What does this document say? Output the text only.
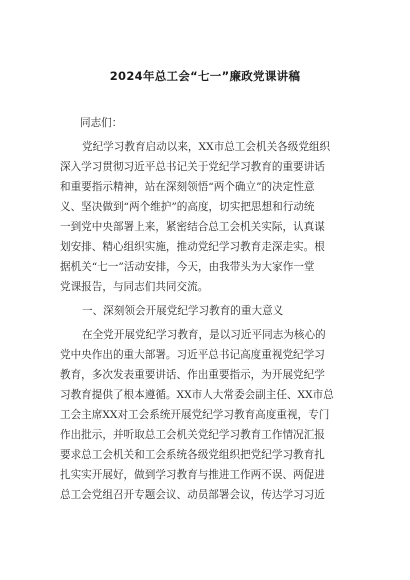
2024年总工会“七一”廉政党课讲稿
同志们：
党纪学习教育启动以来，XX市总工会机关各级党组织
深入学习贯彻习近平总书记关于党纪学习教育的重要讲话
和重要指示精神，站在深刻领悟“两个确立”的决定性意
义、坚决做到“两个维护”的高度，切实把思想和行动统
一到党中央部署上来，紧密结合总工会机关实际，认真谋
划安排、精心组织实施，推动党纪学习教育走深走实。根
据机关“七一”活动安排，今天，由我带头为大家作一堂
党课报告，与同志们共同交流。
一、深刻领会开展党纪学习教育的重大意义
在全党开展党纪学习教育，是以习近平同志为核心的
党中央作出的重大部署。习近平总书记高度重视党纪学习
教育，多次发表重要讲话、作出重要指示，为开展党纪学
习教育提供了根本遵循。XX市人大常委会副主任、XX市总
工会主席XX对工会系统开展党纪学习教育高度重视，专门
作出批示，并听取总工会机关党纪学习教育工作情况汇报
要求总工会机关和工会系统各级党组织把党纪学习教育扎
扎实实开展好，做到学习教育与推进工作两不误、两促进
总工会党组召开专题会议、动员部署会议，传达学习习近
